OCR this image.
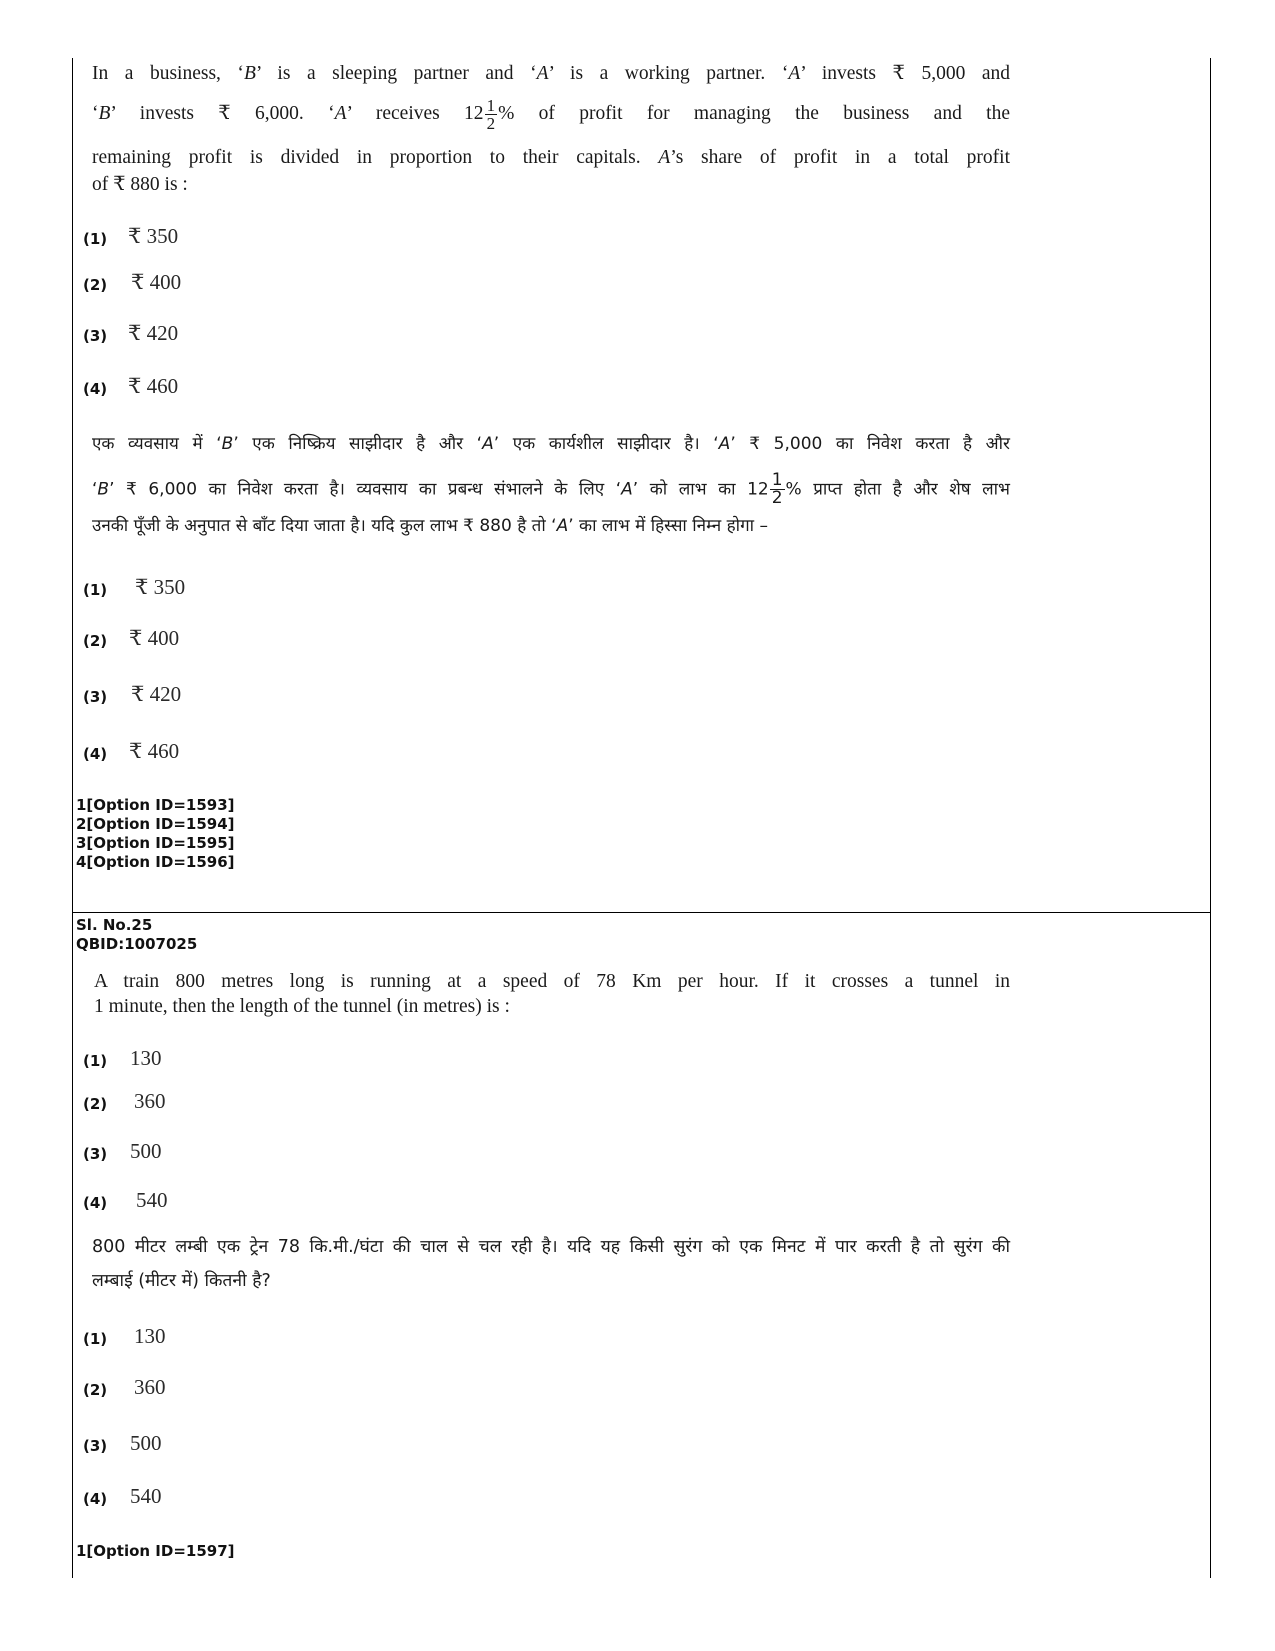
In a business, ‘B’ is a sleeping partner and ‘A’ is a working partner. ‘A’ invests ₹ 5,000 and
‘B’ invests ₹ 6,000. ‘A’ receives $12 \frac{1}{2}$ % of profit for managing the business and the
remaining profit is divided in proportion to their capitals. A’s share of profit in a total profit
of ₹ 880 is :
(1) ₹ 350
(2) ₹ 400
(3) ₹ 420
(4) ₹ 460
एक व्यवसाय में ‘B’ एक निष्क्रिय साझीदार है और ‘A’ एक कार्यशील साझीदार है। ‘A’ ₹ 5,000 का निवेश करता है और
‘B’ ₹ 6,000 का निवेश करता है। व्यवसाय का प्रबन्ध संभालने के लिए ‘A’ को लाभ का $12 \frac{1}{2}$ % प्राप्त होता है और शेष लाभ
उनकी पूँजी के अनुपात से बाँट दिया जाता है। यदि कुल लाभ ₹ 880 है तो ‘A’ का लाभ में हिस्सा निम्न होगा –
(1) ₹ 350
(2) ₹ 400
(3) ₹ 420
(4) ₹ 460
1[Option ID=1593]
2[Option ID=1594]
3[Option ID=1595]
4[Option ID=1596]
Sl. No.25
QBID:1007025
A train 800 metres long is running at a speed of 78 Km per hour. If it crosses a tunnel in
1 minute, then the length of the tunnel (in metres) is :
(1) 130
(2) 360
(3) 500
(4) 540
800 मीटर लम्बी एक ट्रेन 78 कि.मी./घंटा की चाल से चल रही है। यदि यह किसी सुरंग को एक मिनट में पार करती है तो सुरंग की
लम्बाई (मीटर में) कितनी है?
(1) 130
(2) 360
(3) 500
(4) 540
1[Option ID=1597]
